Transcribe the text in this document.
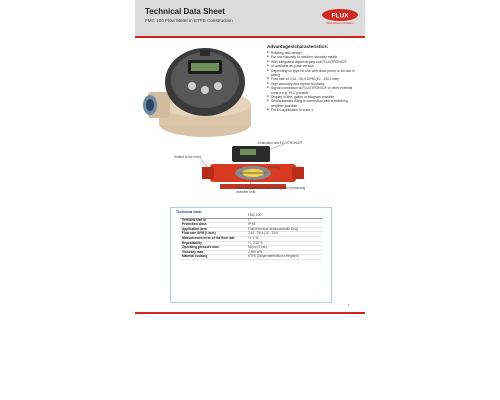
Technical Data Sheet
FMC 100 Flow Meter in ETFE Construction
FLUX
Work Ahead of Leaders
Advantages/characteristics:
■ Rotating disc design
■ For low-viscosity to medium-viscosity media
■ With integrated digital display unit FLUXTRONIC®
■ or available as pulse version
■ Depending on type for use with drum pump or for use in piping
■ Flow rate of 2,64 - 26,4 GPM (10 - 100 L/min)
■ High accuracy and repeat accuracy
■ Signal connection at FLUXTRONIC® or other external control e.g. PLC possible
■ Display in litre, gallon or kilogram possible
■ Semiautomatic filling in connection with a switching amplifier possible
■ For Ex-application in zone 1
Evaluation unit FLUXTRONIC®
Housing
Sealed to the inner
Measuring chamber and rotating disc (measuring chamber unit)
Technical data:
	FMC 100
Versions size in	1"
Protection class	IP 55
Application area	Fuel/chemical/ semiautomatic Drug
Flow rate GPM (L/min)	2,64 - 26,4 (10 - 100)
Measurement error of the flow rate	+/- 1 %
Repeatability	+/- 0,15 %
Operating pressure max.	58 psi (4 bar)
Viscosity max.	2,500 cPs
Material housing	ETFE (Ethylenetetrafluoro-ethylene)
1
